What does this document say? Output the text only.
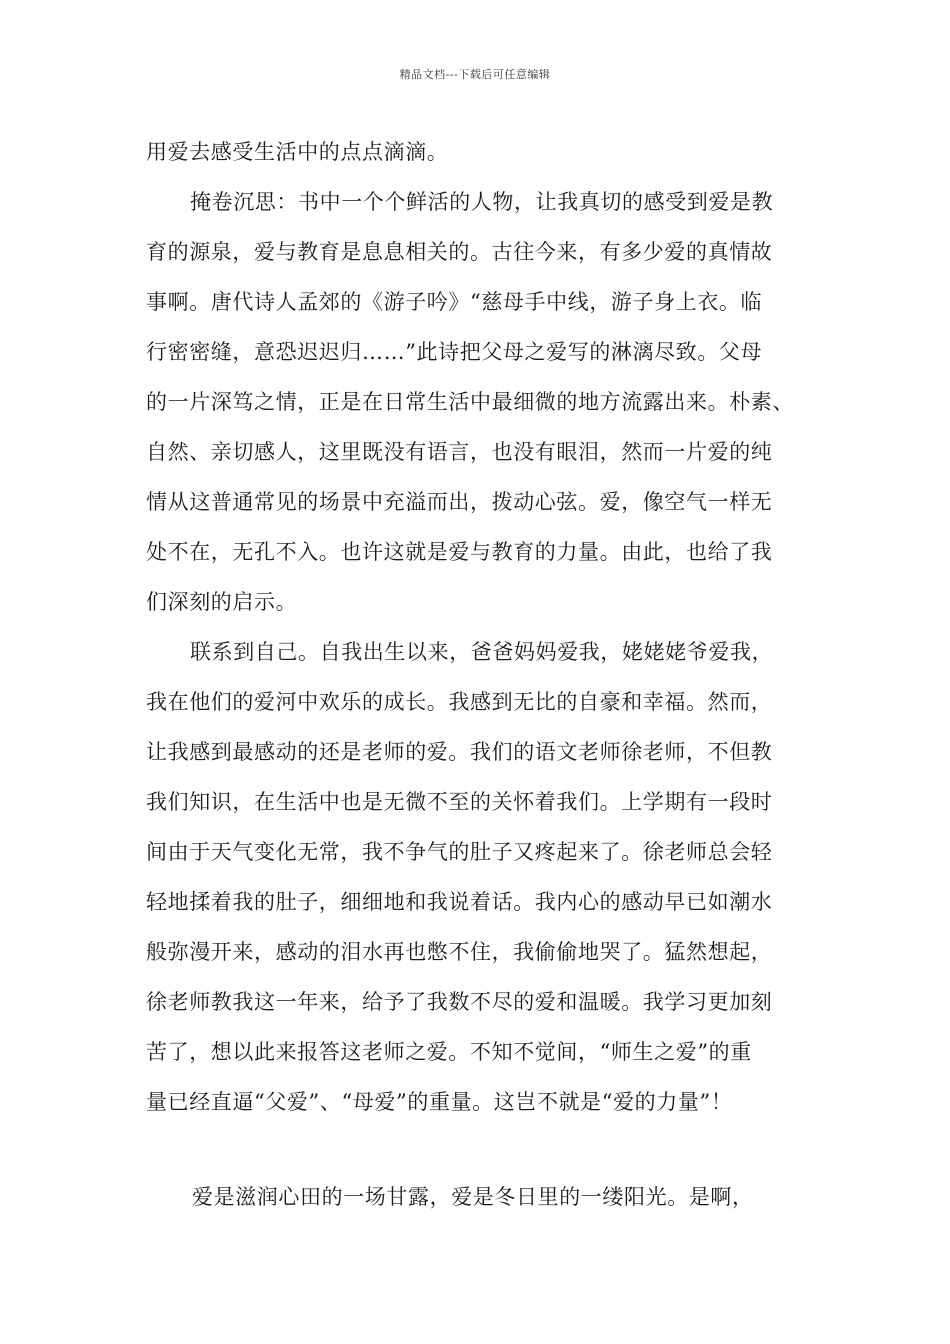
精品文档---下载后可任意编辑
用爱去感受生活中的点点滴滴。
掩卷沉思：书中一个个鲜活的人物，让我真切的感受到爱是教
育的源泉，爱与教育是息息相关的。古往今来，有多少爱的真情故
事啊。唐代诗人孟郊的《游子吟》“慈母手中线，游子身上衣。临
行密密缝，意恐迟迟归……”此诗把父母之爱写的淋漓尽致。父母
的一片深笃之情，正是在日常生活中最细微的地方流露出来。朴素、
自然、亲切感人，这里既没有语言，也没有眼泪，然而一片爱的纯
情从这普通常见的场景中充溢而出，拨动心弦。爱，像空气一样无
处不在，无孔不入。也许这就是爱与教育的力量。由此，也给了我
们深刻的启示。
联系到自己。自我出生以来，爸爸妈妈爱我，姥姥姥爷爱我，
我在他们的爱河中欢乐的成长。我感到无比的自豪和幸福。然而，
让我感到最感动的还是老师的爱。我们的语文老师徐老师，不但教
我们知识，在生活中也是无微不至的关怀着我们。上学期有一段时
间由于天气变化无常，我不争气的肚子又疼起来了。徐老师总会轻
轻地揉着我的肚子，细细地和我说着话。我内心的感动早已如潮水
般弥漫开来，感动的泪水再也憋不住，我偷偷地哭了。猛然想起，
徐老师教我这一年来，给予了我数不尽的爱和温暖。我学习更加刻
苦了，想以此来报答这老师之爱。不知不觉间，“师生之爱”的重
量已经直逼“父爱”、“母爱”的重量。这岂不就是“爱的力量”！
爱是滋润心田的一场甘露，爱是冬日里的一缕阳光。是啊，
